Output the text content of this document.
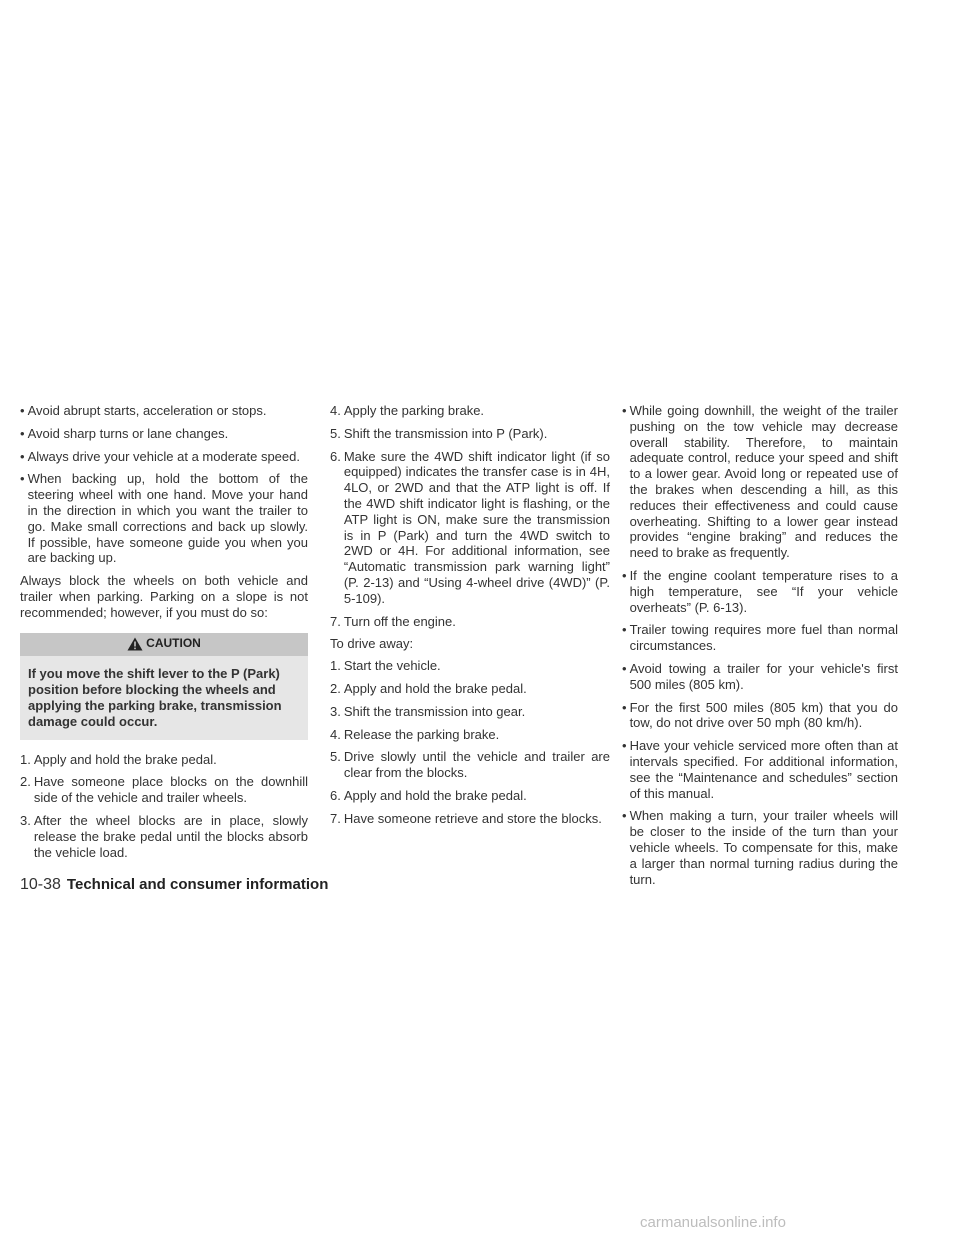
• Avoid abrupt starts, acceleration or stops.
• Avoid sharp turns or lane changes.
• Always drive your vehicle at a moderate speed.
• When backing up, hold the bottom of the steering wheel with one hand. Move your hand in the direction in which you want the trailer to go. Make small corrections and back up slowly. If possible, have someone guide you when you are backing up.
Always block the wheels on both vehicle and trailer when parking. Parking on a slope is not recommended; however, if you must do so:
CAUTION
If you move the shift lever to the P (Park) position before blocking the wheels and applying the parking brake, transmission damage could occur.
1. Apply and hold the brake pedal.
2. Have someone place blocks on the downhill side of the vehicle and trailer wheels.
3. After the wheel blocks are in place, slowly release the brake pedal until the blocks absorb the vehicle load.
4. Apply the parking brake.
5. Shift the transmission into P (Park).
6. Make sure the 4WD shift indicator light (if so equipped) indicates the transfer case is in 4H, 4LO, or 2WD and that the ATP light is off. If the 4WD shift indicator light is flashing, or the ATP light is ON, make sure the transmission is in P (Park) and turn the 4WD switch to 2WD or 4H. For additional information, see “Automatic transmission park warning light” (P. 2-13) and “Using 4-wheel drive (4WD)” (P. 5-109).
7. Turn off the engine.
To drive away:
1. Start the vehicle.
2. Apply and hold the brake pedal.
3. Shift the transmission into gear.
4. Release the parking brake.
5. Drive slowly until the vehicle and trailer are clear from the blocks.
6. Apply and hold the brake pedal.
7. Have someone retrieve and store the blocks.
• While going downhill, the weight of the trailer pushing on the tow vehicle may decrease overall stability. Therefore, to maintain adequate control, reduce your speed and shift to a lower gear. Avoid long or repeated use of the brakes when descending a hill, as this reduces their effectiveness and could cause overheating. Shifting to a lower gear instead provides “engine braking” and reduces the need to brake as frequently.
• If the engine coolant temperature rises to a high temperature, see “If your vehicle overheats” (P. 6-13).
• Trailer towing requires more fuel than normal circumstances.
• Avoid towing a trailer for your vehicle's first 500 miles (805 km).
• For the first 500 miles (805 km) that you do tow, do not drive over 50 mph (80 km/h).
• Have your vehicle serviced more often than at intervals specified. For additional information, see the “Maintenance and schedules” section of this manual.
• When making a turn, your trailer wheels will be closer to the inside of the turn than your vehicle wheels. To compensate for this, make a larger than normal turning radius during the turn.
10-38 Technical and consumer information
carmanualsonline.info
